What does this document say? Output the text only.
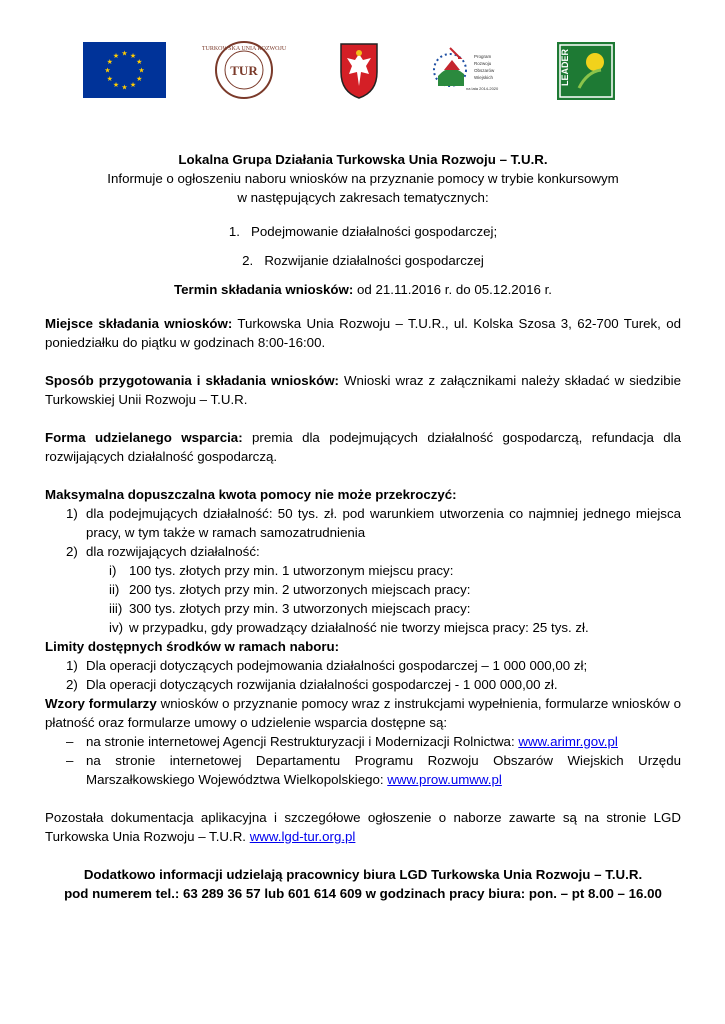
★
★
★
★
★
★
★
★
★ ★ ★
★
TURKOWSKA UNIA ROZWOJU
TUR
Program
Rozwoju
Obszarów
Wiejskich
na lata 2014-2020
LEADER
Lokalna Grupa Działania Turkowska Unia Rozwoju – T.U.R.
Informuje o ogłoszeniu naboru wniosków na przyznanie pomocy w trybie konkursowym
w następujących zakresach tematycznych:
1. Podejmowanie działalności gospodarczej;
2. Rozwijanie działalności gospodarczej
Termin składania wniosków: od 21.11.2016 r. do 05.12.2016 r.
Miejsce składania wniosków: Turkowska Unia Rozwoju – T.U.R., ul. Kolska Szosa 3, 62-700 Turek, od poniedziałku do piątku w godzinach 8:00-16:00.
Sposób przygotowania i składania wniosków: Wnioski wraz z załącznikami należy składać w siedzibie Turkowskiej Unii Rozwoju – T.U.R.
Forma udzielanego wsparcia: premia dla podejmujących działalność gospodarczą, refundacja dla rozwijających działalność gospodarczą.
Maksymalna dopuszczalna kwota pomocy nie może przekroczyć:
1) dla podejmujących działalność: 50 tys. zł. pod warunkiem utworzenia co najmniej jednego miejsca pracy, w tym także w ramach samozatrudnienia
2) dla rozwijających działalność:
i) 100 tys. złotych przy min. 1 utworzonym miejscu pracy:
ii) 200 tys. złotych przy min. 2 utworzonych miejscach pracy:
iii) 300 tys. złotych przy min. 3 utworzonych miejscach pracy:
iv) w przypadku, gdy prowadzący działalność nie tworzy miejsca pracy: 25 tys. zł.
Limity dostępnych środków w ramach naboru:
1) Dla operacji dotyczących podejmowania działalności gospodarczej – 1 000 000,00 zł;
2) Dla operacji dotyczących rozwijania działalności gospodarczej - 1 000 000,00 zł.
Wzory formularzy wniosków o przyznanie pomocy wraz z instrukcjami wypełnienia, formularze wniosków o płatność oraz formularze umowy o udzielenie wsparcia dostępne są:
– na stronie internetowej Agencji Restrukturyzacji i Modernizacji Rolnictwa: www.arimr.gov.pl
– na stronie internetowej Departamentu Programu Rozwoju Obszarów Wiejskich Urzędu Marszałkowskiego Województwa Wielkopolskiego: www.prow.umww.pl
Pozostała dokumentacja aplikacyjna i szczegółowe ogłoszenie o naborze zawarte są na stronie LGD Turkowska Unia Rozwoju – T.U.R. www.lgd-tur.org.pl
Dodatkowo informacji udzielają pracownicy biura LGD Turkowska Unia Rozwoju – T.U.R.
pod numerem tel.: 63 289 36 57 lub 601 614 609 w godzinach pracy biura: pon. – pt 8.00 – 16.00
